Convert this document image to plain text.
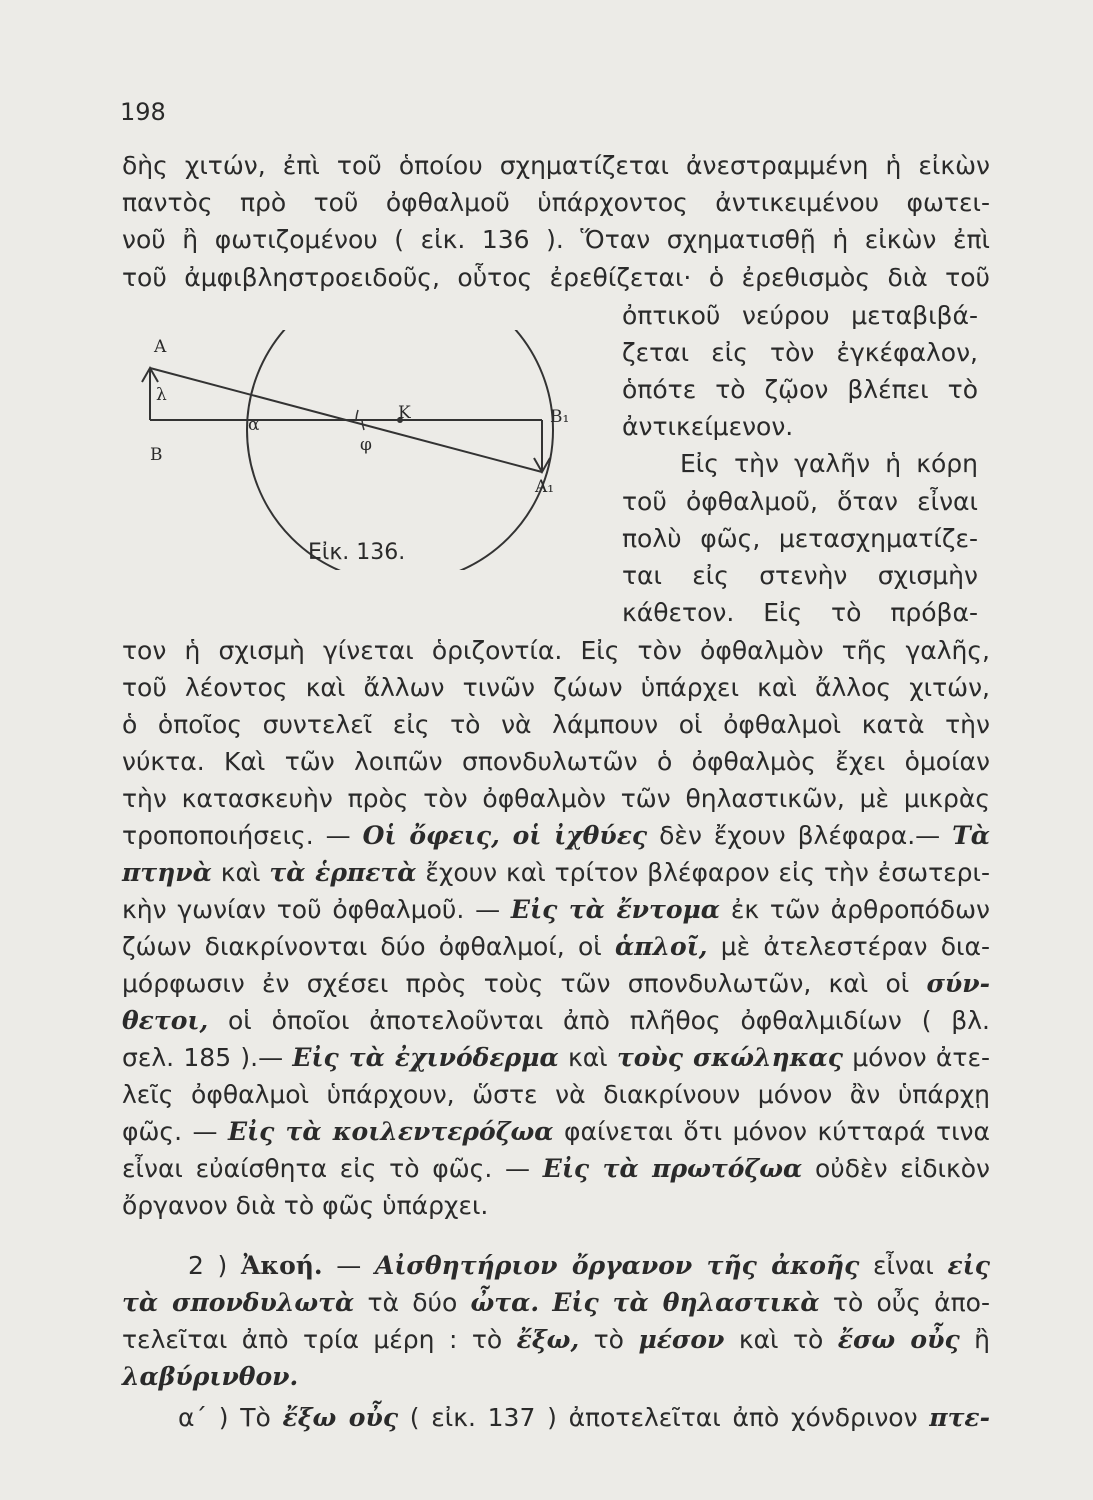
198
δὴς χιτών, ἐπὶ τοῦ ὁποίου σχηματίζεται ἀνεστραμμένη ἡ εἰκὼν
παντὸς πρὸ τοῦ ὀφθαλμοῦ ὑπάρχοντος ἀντικειμένου φωτει-
νοῦ ἢ φωτιζομένου ( εἰκ. 136 ). Ὅταν σχηματισθῇ ἡ εἰκὼν ἐπὶ
τοῦ ἀμφιβληστροειδοῦς, οὗτος ἐρεθίζεται· ὁ ἐρεθισμὸς διὰ τοῦ
ὀπτικοῦ νεύρου μεταβιβά-
ζεται εἰς τὸν ἐγκέφαλον,
ὁπότε τὸ ζῷον βλέπει τὸ
ἀντικείμενον.
Εἰς τὴν γαλῆν ἡ κόρη
τοῦ ὀφθαλμοῦ, ὅταν εἶναι
πολὺ φῶς, μετασχηματίζε-
ται εἰς στενὴν σχισμὴν
κάθετον. Εἰς τὸ πρόβα-
A
B
λ
α
φ
K	B₁
A₁
Εἰκ. 136.
τον ἡ σχισμὴ γίνεται ὁριζοντία. Εἰς τὸν ὀφθαλμὸν τῆς γαλῆς,
τοῦ λέοντος καὶ ἄλλων τινῶν ζώων ὑπάρχει καὶ ἄλλος χιτών,
ὁ ὁποῖος συντελεῖ εἰς τὸ νὰ λάμπουν οἱ ὀφθαλμοὶ κατὰ τὴν
νύκτα. Καὶ τῶν λοιπῶν σπονδυλωτῶν ὁ ὀφθαλμὸς ἔχει ὁμοίαν
τὴν κατασκευὴν πρὸς τὸν ὀφθαλμὸν τῶν θηλαστικῶν, μὲ μικρὰς
τροποποιήσεις. — Οἱ ὄφεις, οἱ ἰχθύες δὲν ἔχουν βλέφαρα.— Τὰ
πτηνὰ καὶ τὰ ἑρπετὰ ἔχουν καὶ τρίτον βλέφαρον εἰς τὴν ἐσωτερι-
κὴν γωνίαν τοῦ ὀφθαλμοῦ. — Εἰς τὰ ἔντομα ἐκ τῶν ἀρθροπόδων
ζώων διακρίνονται δύο ὀφθαλμοί, οἱ ἁπλοῖ, μὲ ἀτελεστέραν δια-
μόρφωσιν ἐν σχέσει πρὸς τοὺς τῶν σπονδυλωτῶν, καὶ οἱ σύν-
θετοι, οἱ ὁποῖοι ἀποτελοῦνται ἀπὸ πλῆθος ὀφθαλμιδίων ( βλ.
σελ. 185 ).— Εἰς τὰ ἐχινόδερμα καὶ τοὺς σκώληκας μόνον ἀτε-
λεῖς ὀφθαλμοὶ ὑπάρχουν, ὥστε νὰ διακρίνουν μόνον ἂν ὑπάρχῃ
φῶς. — Εἰς τὰ κοιλεντερόζωα φαίνεται ὅτι μόνον κύτταρά τινα
εἶναι εὐαίσθητα εἰς τὸ φῶς. — Εἰς τὰ πρωτόζωα οὐδὲν εἰδικὸν
ὄργανον διὰ τὸ φῶς ὑπάρχει.
2 ) Ἀκοή. — Αἰσθητήριον ὄργανον τῆς ἀκοῆς εἶναι εἰς
τὰ σπονδυλωτὰ τὰ δύο ὦτα. Εἰς τὰ θηλαστικὰ τὸ οὖς ἀπο-
τελεῖται ἀπὸ τρία μέρη : τὸ ἔξω, τὸ μέσον καὶ τὸ ἔσω οὖς ἢ
λαβύρινθον.
α΄ ) Τὸ ἔξω οὖς ( εἰκ. 137 ) ἀποτελεῖται ἀπὸ χόνδρινον πτε-
